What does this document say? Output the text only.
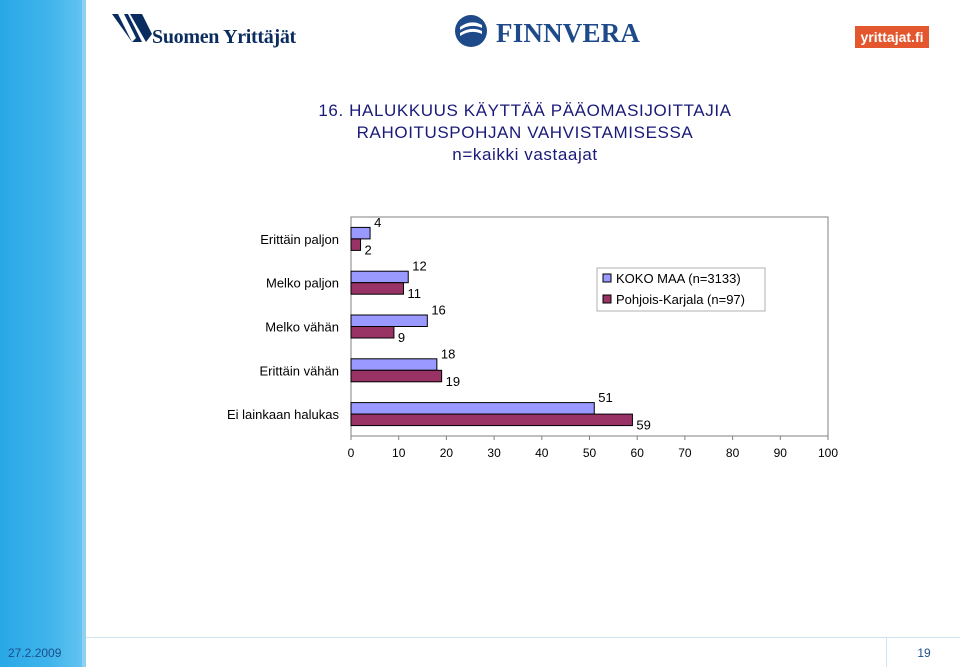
Suomen Yrittäjät	FINNVERA	yrittajat.fi
16. HALUKKUUS KÄYTTÄÄ PÄÄOMASIJOITTAJIA
RAHOITUSPOHJAN VAHVISTAMISESSA
n=kaikki vastaajat
Erittäin paljon
4
2
Melko paljon
12
11
Melko vähän
16
9
Erittäin vähän
18
19
Ei lainkaan halukas
51
59
0	10	20	30	40	50	60	70	80	90	100
KOKO MAA (n=3133)
Pohjois-Karjala (n=97)
27.2.2009	19
